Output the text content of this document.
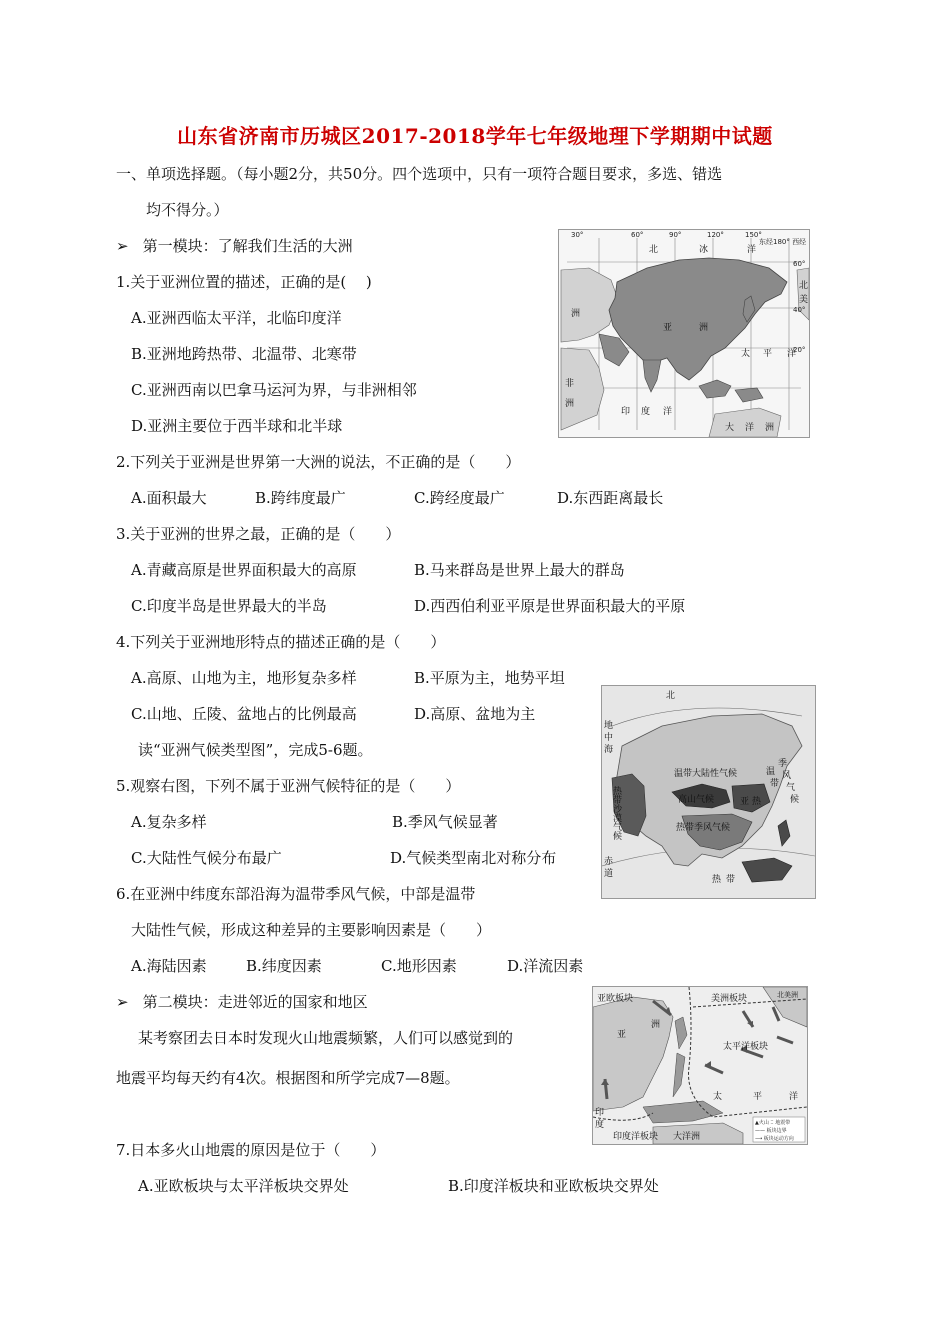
山东省济南市历城区2017-2018学年七年级地理下学期期中试题
一、单项选择题。（每小题2分，共50分。四个选项中，只有一项符合题目要求，多选、错选
均不得分。）
➢ 第一模块：了解我们生活的大洲
1.关于亚洲位置的描述，正确的是(　 )
A.亚洲西临太平洋，北临印度洋
B.亚洲地跨热带、北温带、北寒带
C.亚洲西南以巴拿马运河为界，与非洲相邻
D.亚洲主要位于西半球和北半球
30°	60°	90°	120°	150°
东经180° 西经
60°
40°
20°
北	冰	洋
亚	洲
太 平 洋
非
洲
洲
印 度 洋
大 洋 洲
北
美
2.下列关于亚洲是世界第一大洲的说法，不正确的是（　　）
A.面积最大	B.跨纬度最广	C.跨经度最广	D.东西距离最长
3.关于亚洲的世界之最，正确的是（　　）
A.青藏高原是世界面积最大的高原	B.马来群岛是世界上最大的群岛
C.印度半岛是世界最大的半岛	D.西西伯利亚平原是世界面积最大的平原
4.下列关于亚洲地形特点的描述正确的是（　　）
A.高原、山地为主，地形复杂多样	B.平原为主，地势平坦
C.山地、丘陵、盆地占的比例最高	D.高原、盆地为主
读“亚洲气候类型图”，完成5-6题。
温带大陆性气候
高山气候
热带季风气候
热带沙漠气候
季
风
气
候
温
带
亚 热
地
中
海
北
赤
道
热 带
5.观察右图，下列不属于亚洲气候特征的是（　　）
A.复杂多样	B.季风气候显著
C.大陆性气候分布最广	D.气候类型南北对称分布
6.在亚洲中纬度东部沿海为温带季风气候，中部是温带
大陆性气候，形成这种差异的主要影响因素是（　　）
A.海陆因素	B.纬度因素	C.地形因素	D.洋流因素
➢ 第二模块：走进邻近的国家和地区
某考察团去日本时发现火山地震频繁，人们可以感觉到的
地震平均每天约有4次。根据图和所学完成7—8题。
亚欧板块	美洲板块	北美洲
太平洋板块
印度洋板块
亚
洲
太	平	洋
大洋洲
印
度	▲火山 ⁚⁚ 地震带
—— 板块边界
⟶ 板块运动方向
7.日本多火山地震的原因是位于（　　）
A.亚欧板块与太平洋板块交界处	B.印度洋板块和亚欧板块交界处
